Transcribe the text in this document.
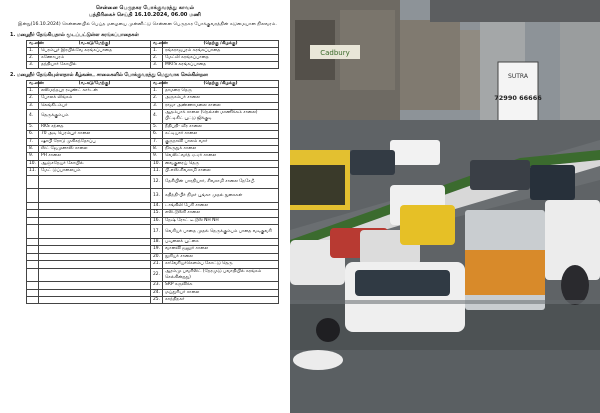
சென்னை பெருநகர போக்குவரத்து காவல்
பத்திரிகைச் செய்தி 16.10.2024, 06.00 மணி
இன்று(16.10.2024) சென்னையில் பெய்த மழையை முன்னிட்டு சென்னை பெருநகர போக்குவரத்தின் கடுமையான நிலவரம்.
1. மழைநீர் தேங்கியதால் மூடப்பட்டுள்ள சுரங்கப்பாதைகள்
வ.எண்	(வ.கடு/மேற்கு)	வ.எண்	(தெற்கு /கிழக்கு)
1.	பெரம்பூர் இரயில்வே சுரங்கப்பாதை	1.	ரங்கராஜபுரம் சுரங்கப்பாதை
2.	கணேசபுரம்	2.	மேட்லி சுரங்கப்பாதை
3.	தந்தியார் கோயில்	3.	MRTS சுரங்கப்பாதை
2. மழைநீர் தேங்கியுள்ளதால் கீழ்கண்ட சாலைகளில் போக்குவரத்து மெதுவாக செல்கின்றன
வ.எண்	(வ.கடு/மேற்கு)	வ.எண்	(தெற்கு /கிழக்கு)
1.	லஸ்மந்தபுர ரவுண்ட் கார்டன்	1.	தாமரை தெரு
2.	போலக் லிங்கம்	2.	அருகம்பர் சாலை
3.	கெங்கிடம்பர்	3.	ராஜா அண்ணாமலை சாலை
4.	தெருக்கும்பம்	4.	ஆதம்பாக் சாலை (நெல்சன் மாணிக்கம் சாலை) பிட்டிகிட் பூட்டு ஜிக்குடி
5.	RKS சந்தை	5.	நீதிபதி- வீர சாலை
6.	70 அடி பெரம்பூர் சாலை	6.	கட்டியார் சாலை
7.	ஷாபி ரோடு முகிகந்தோப்பு	7.	குருநாவி பாலம் வார்
8.	ஸ்ட் ஜேமுனாஸ் சாலை	8.	நிகருதுக் சாலை
9.	PH சாலை	9.	வெஸ்ட்வர்த் ஏ.ஏர் சாலை
10.	ஆஞ்சநேயர் கோயில்	10.	வைகுரைய் தெரு
11.	மேட் டுப்பாலையம்	11.	பி.எஸ்.சிவசாமி சாலை
		12.	தேசியின் பாரதியார், சிவசாமி சாலை நேசேபீ.
		13.	கதிந்தி-பிர் நிமர் பூங்கா முதல் நுகைகள்
		14.	டாங்கிலி பேசி சாலை
		15.	எஸ்.டூஸ்சி சாலை
		16.	நேஷ் ரோட் டீ.டூஸ் NH NH
		17.	வெரியர் பாதை முதல் நெருக்கும்பம் பாதை வடிகுவரி
		18.	பவுலைக் பூட்கை
		19.	வானவி ஜனூர் சாலை
		20.	நூரியர் சாலை
		21.	காவேரியர்கெளம்ப கோட்டு தெரு
		22.	ஆரம்மு பவரிஸ்ட் (நேரமுடு பவாதியில் சுரங்கம் செல்கின்றது)
		23.	SRP கருவிக்க
		24.	மய்துரியர் சாலை
		25.	காந்திநகர்
Cadbury
SUTRA
72990 66666
